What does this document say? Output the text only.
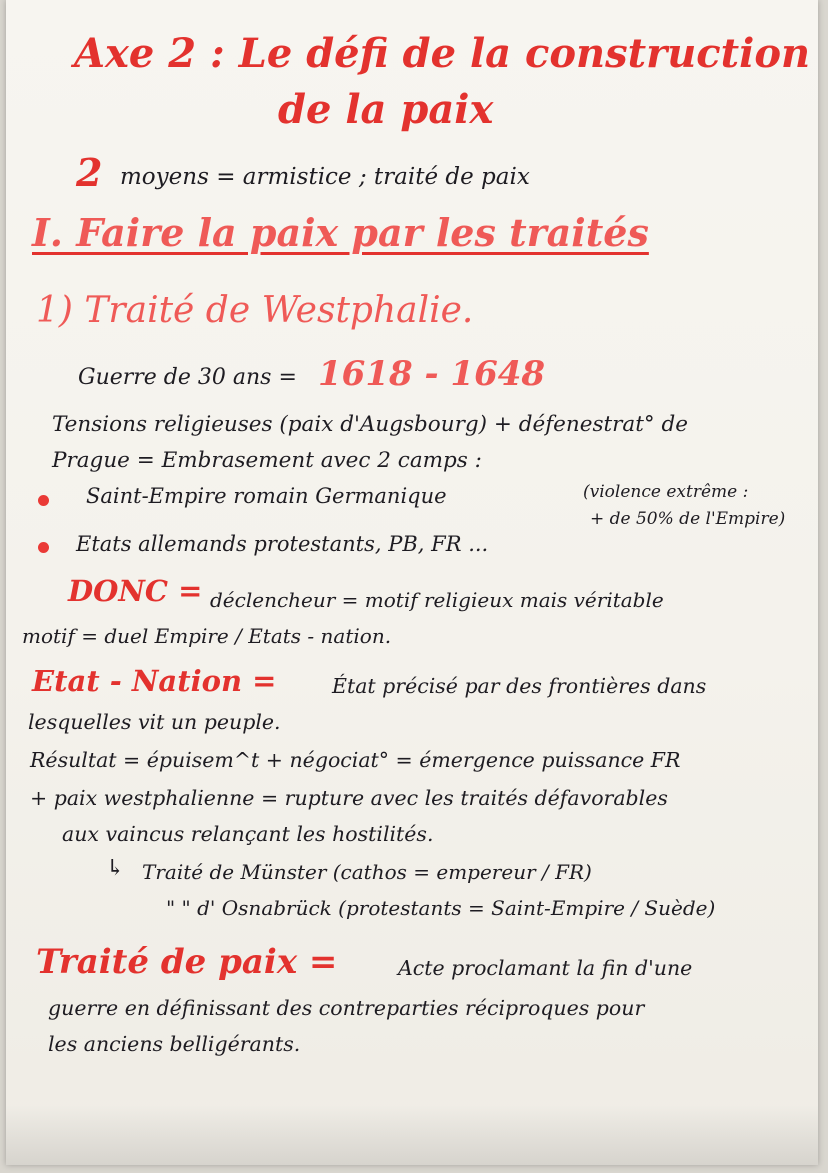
Axe 2 : Le défi de la construction
de la paix
2 moyens = armistice ; traité de paix
I. Faire la paix par les traités
1) Traité de Westphalie.
Guerre de 30 ans = 1618 - 1648
Tensions religieuses (paix d'Augsbourg) + défenestrat° de
Prague = Embrasement avec 2 camps :
Saint-Empire romain Germanique
Etats allemands protestants, PB, FR ...
(violence extrême :
+ de 50% de l'Empire)
DONC = déclencheur = motif religieux mais véritable
motif = duel Empire / Etats - nation.
Etat - Nation =	État précisé par des frontières dans
lesquelles vit un peuple.
Résultat = épuisem^t + négociat° = émergence puissance FR
+ paix westphalienne = rupture avec les traités défavorables
aux vaincus relançant les hostilités.
↳ Traité de Münster (cathos = empereur / FR)
" " d' Osnabrück (protestants = Saint-Empire / Suède)
Traité de paix =	Acte proclamant la fin d'une
guerre en définissant des contreparties réciproques pour
les anciens belligérants.
